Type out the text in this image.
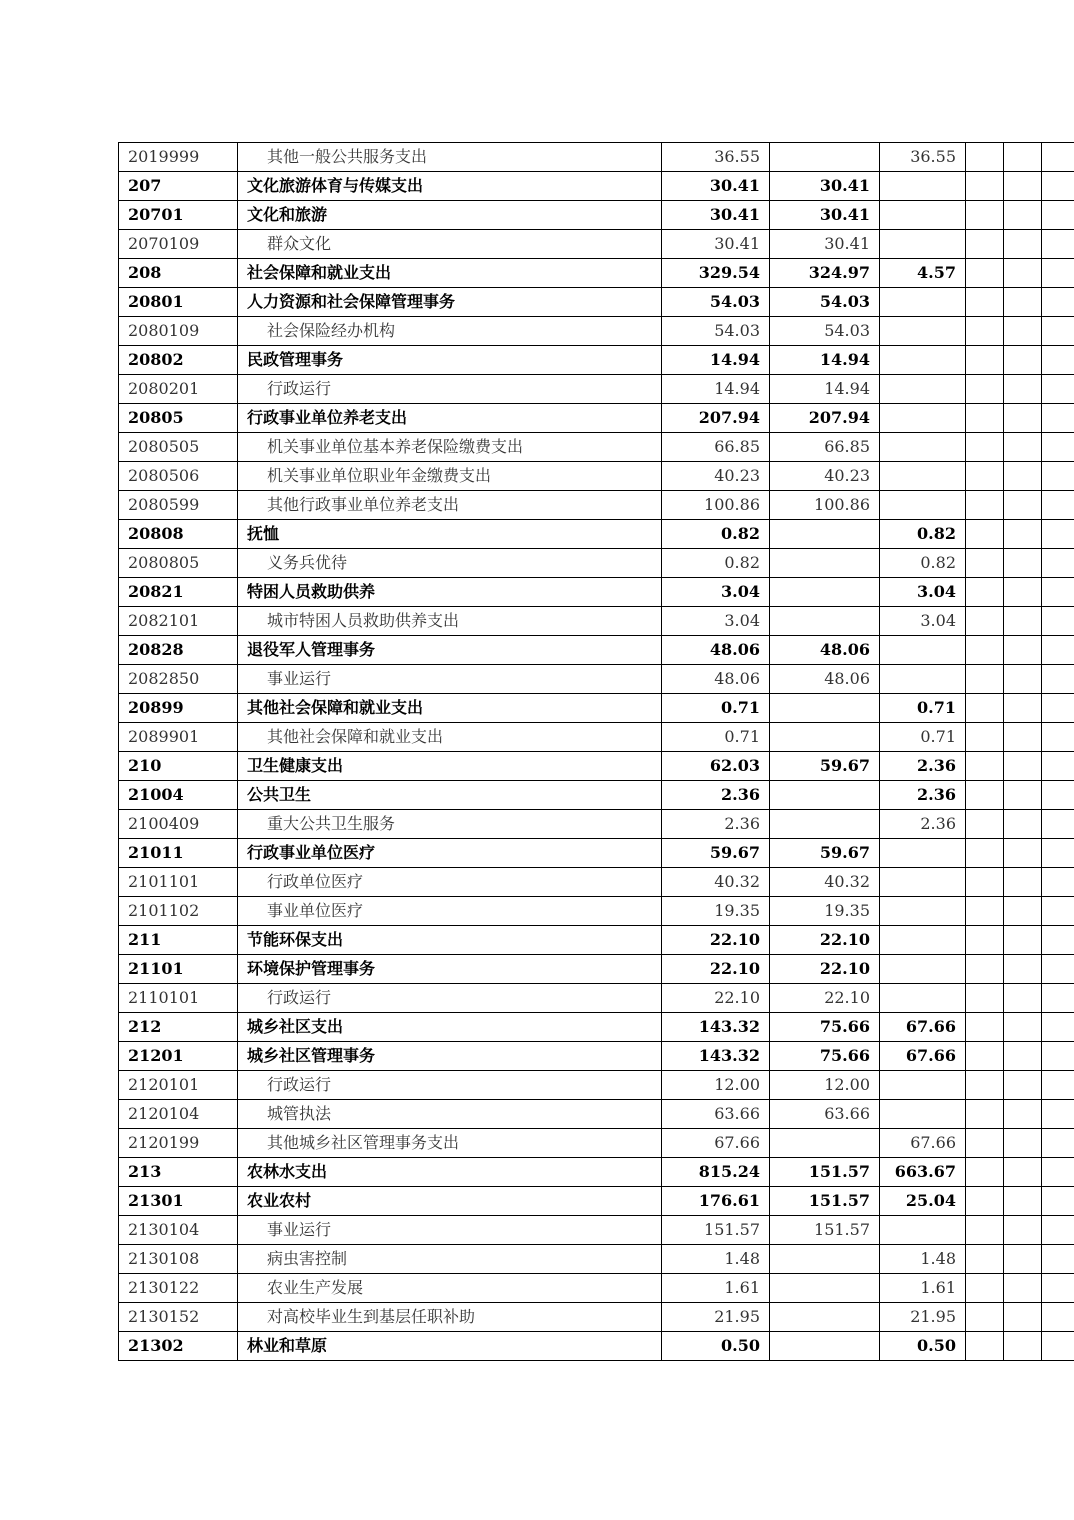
2019999	其他一般公共服务支出	36.55		36.55			
207	文化旅游体育与传媒支出	30.41	30.41				
20701	文化和旅游	30.41	30.41				
2070109	群众文化	30.41	30.41				
208	社会保障和就业支出	329.54	324.97	4.57			
20801	人力资源和社会保障管理事务	54.03	54.03				
2080109	社会保险经办机构	54.03	54.03				
20802	民政管理事务	14.94	14.94				
2080201	行政运行	14.94	14.94				
20805	行政事业单位养老支出	207.94	207.94				
2080505	机关事业单位基本养老保险缴费支出	66.85	66.85				
2080506	机关事业单位职业年金缴费支出	40.23	40.23				
2080599	其他行政事业单位养老支出	100.86	100.86				
20808	抚恤	0.82		0.82			
2080805	义务兵优待	0.82		0.82			
20821	特困人员救助供养	3.04		3.04			
2082101	城市特困人员救助供养支出	3.04		3.04			
20828	退役军人管理事务	48.06	48.06				
2082850	事业运行	48.06	48.06				
20899	其他社会保障和就业支出	0.71		0.71			
2089901	其他社会保障和就业支出	0.71		0.71			
210	卫生健康支出	62.03	59.67	2.36			
21004	公共卫生	2.36		2.36			
2100409	重大公共卫生服务	2.36		2.36			
21011	行政事业单位医疗	59.67	59.67				
2101101	行政单位医疗	40.32	40.32				
2101102	事业单位医疗	19.35	19.35				
211	节能环保支出	22.10	22.10				
21101	环境保护管理事务	22.10	22.10				
2110101	行政运行	22.10	22.10				
212	城乡社区支出	143.32	75.66	67.66			
21201	城乡社区管理事务	143.32	75.66	67.66			
2120101	行政运行	12.00	12.00				
2120104	城管执法	63.66	63.66				
2120199	其他城乡社区管理事务支出	67.66		67.66			
213	农林水支出	815.24	151.57	663.67			
21301	农业农村	176.61	151.57	25.04			
2130104	事业运行	151.57	151.57				
2130108	病虫害控制	1.48		1.48			
2130122	农业生产发展	1.61		1.61			
2130152	对高校毕业生到基层任职补助	21.95		21.95			
21302	林业和草原	0.50		0.50			
